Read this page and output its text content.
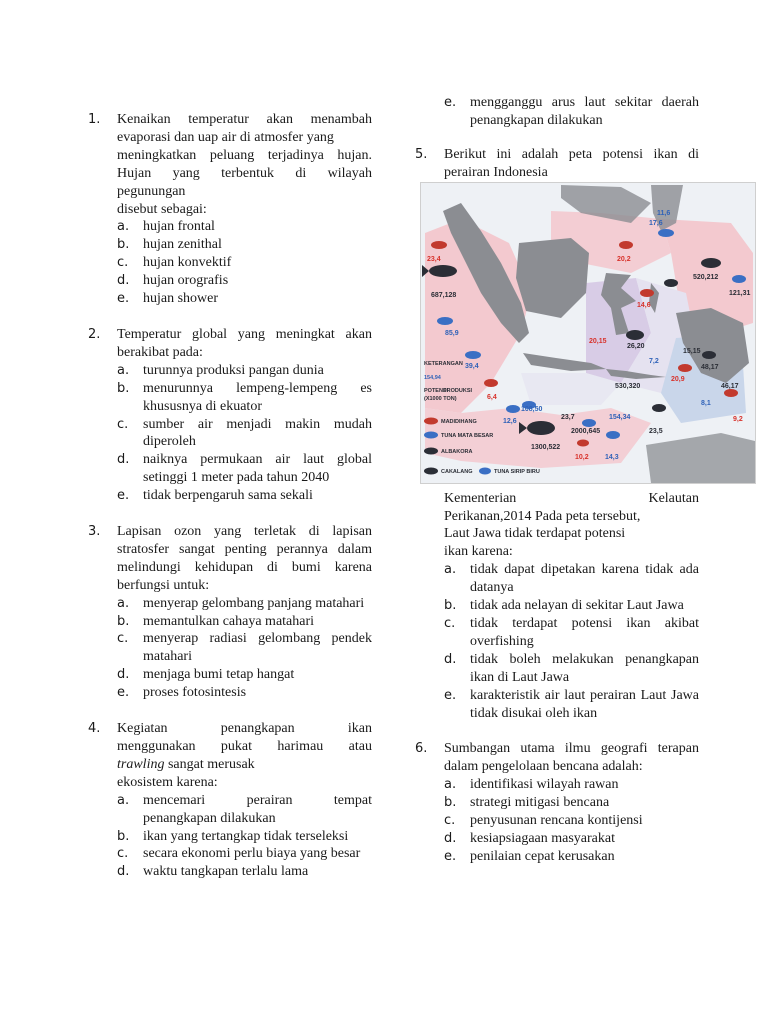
1. Kenaikan temperatur akan menambah
evaporasi dan uap air di atmosfer yang
meningkatkan peluang terjadinya hujan.
Hujan yang terbentuk di wilayah
pegunungan
disebut sebagai:
a. hujan frontal
b. hujan zenithal
c. hujan konvektif
d. hujan orografis
e. hujan shower
2. Temperatur global yang meningkat akan
berakibat pada:
a. turunnya produksi pangan dunia
b. menurunnya lempeng-lempeng es khususnya di ekuator
c. sumber air menjadi makin mudah diperoleh
d. naiknya permukaan air laut global setinggi 1 meter pada tahun 2040
e. tidak berpengaruh sama sekali
3. Lapisan ozon yang terletak di lapisan
stratosfer sangat penting perannya dalam
melindungi kehidupan di bumi karena
berfungsi untuk:
a. menyerap gelombang panjang matahari
b. memantulkan cahaya matahari
c. menyerap radiasi gelombang pendek matahari
d. menjaga bumi tetap hangat
e. proses fotosintesis
4. Kegiatan penangkapan ikan
menggunakan pukat harimau atau
trawling sangat merusak
ekosistem karena:
a. mencemari perairan tempat penangkapan dilakukan
b. ikan yang tertangkap tidak terseleksi
c. secara ekonomi perlu biaya yang besar
d. waktu tangkapan terlalu lama
e. mengganggu arus laut sekitar daerah penangkapan dilakukan
5. Berikut ini adalah peta potensi ikan di
perairan Indonesia
23,4
687,128
85,9
39,4
6,4
12,6
108,50
23,7
1300,522
2000,645
10,2 14,3
11,6
17,6
20,2
14,6
20,15
26,20
530,320
7,2
20,9
23,5
15,15
48,17
8,1
520,212
121,31
46,17
9,2
154,34
KETERANGAN
154,94
POTENSI
PRODUKSI
(X1000 TON)
MADIDIHANG
TUNA MATA BESAR
ALBAKORA
CAKALANG	TUNA SIRIP BIRU
Kementerian Kelautan
Perikanan,2014 Pada peta tersebut,
Laut Jawa tidak terdapat potensi
ikan karena:
a. tidak dapat dipetakan karena tidak ada datanya
b. tidak ada nelayan di sekitar Laut Jawa
c. tidak terdapat potensi ikan akibat overfishing
d. tidak boleh melakukan penangkapan ikan di Laut Jawa
e. karakteristik air laut perairan Laut Jawa tidak disukai oleh ikan
6. Sumbangan utama ilmu geografi terapan
dalam pengelolaan bencana adalah:
a. identifikasi wilayah rawan
b. strategi mitigasi bencana
c. penyusunan rencana kontijensi
d. kesiapsiagaan masyarakat
e. penilaian cepat kerusakan
